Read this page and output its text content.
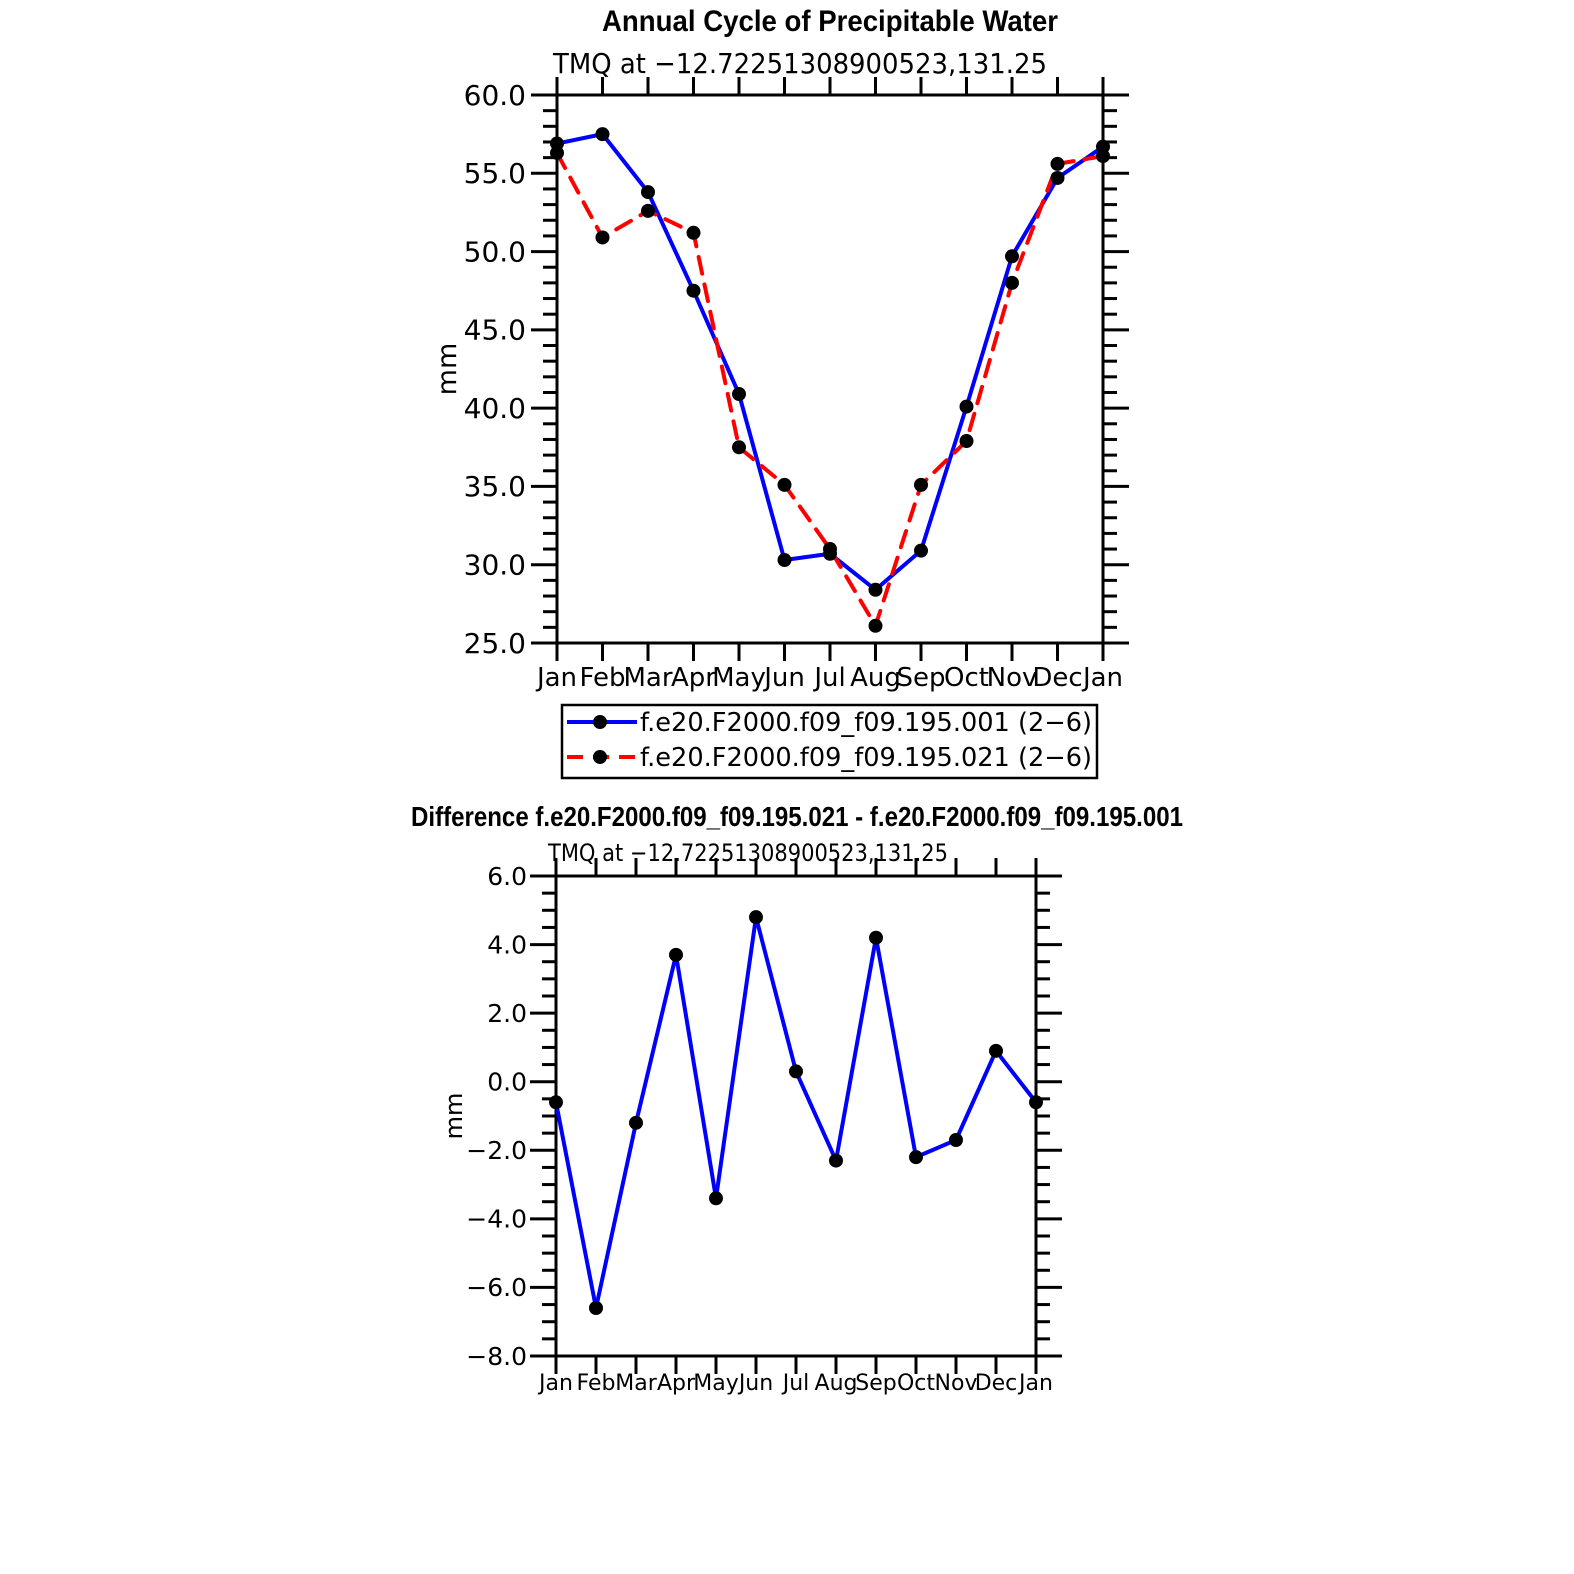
Annual Cycle of Precipitable Water
TMQ at −12.72251308900523,131.25
mm
Jan Feb
Mar
Apr
May
Jun Jul Aug
Sep
Oct
Nov
Dec Jan
25.0
30.0
35.0
40.0
45.0
50.0
55.0
60.0
f.e20.F2000.f09_f09.195.001 (2−6)
f.e20.F2000.f09_f09.195.021 (2−6)
Difference f.e20.F2000.f09_f09.195.021 - f.e20.F2000.f09_f09.195.001
TMQ at −12.72251308900523,131.25
mm
Jan Feb Mar Apr
May Jun Jul Aug
Sep Oct Nov
Dec Jan
−8.0
−6.0
−4.0
−2.0
0.0
2.0
4.0
6.0
